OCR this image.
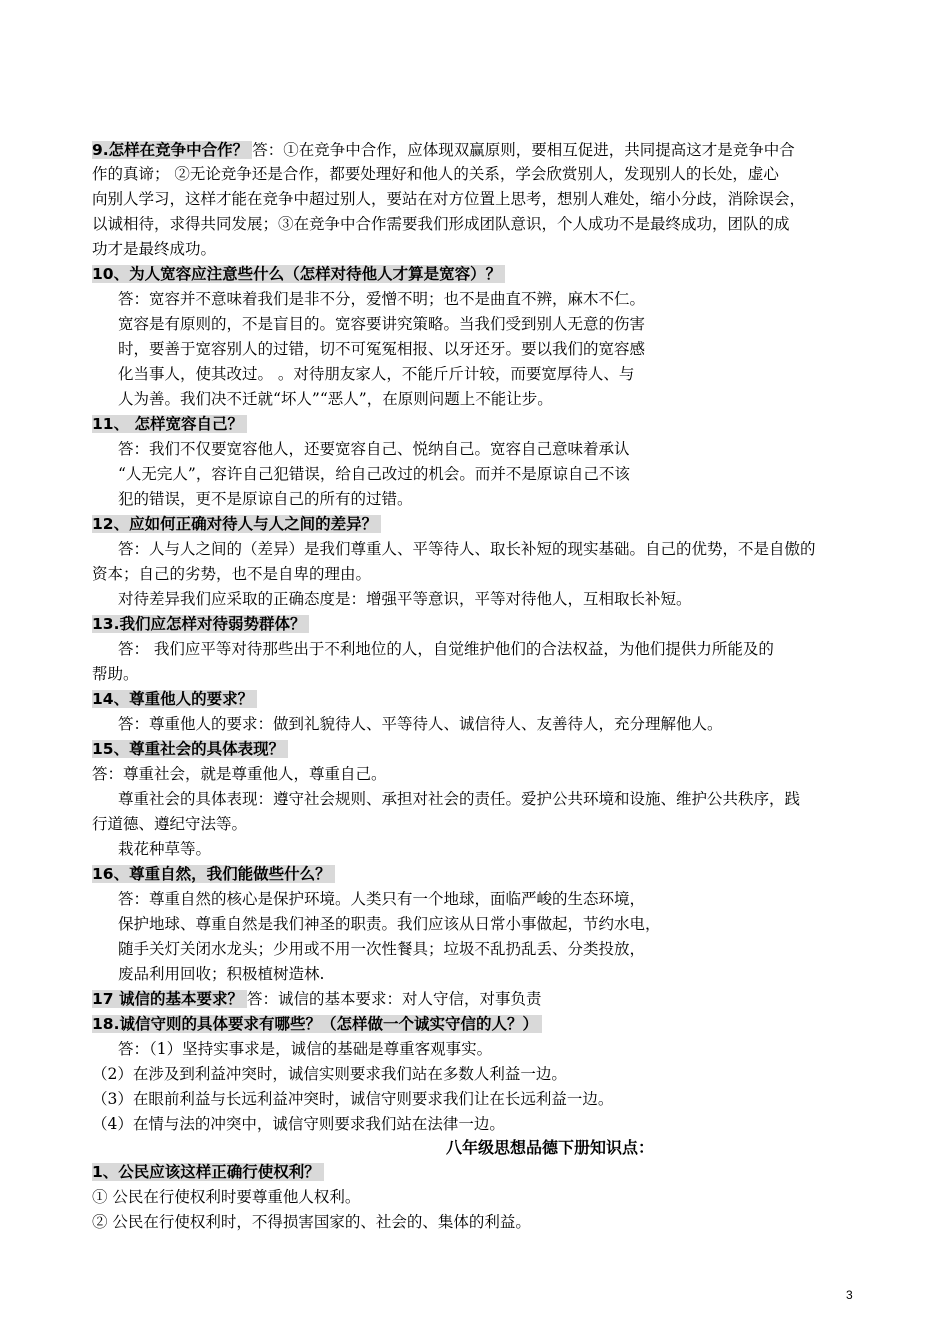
9.怎样在竞争中合作？ 答：①在竞争中合作，应体现双赢原则，要相互促进，共同提高这才是竞争中合
作的真谛； ②无论竞争还是合作，都要处理好和他人的关系，学会欣赏别人，发现别人的长处，虚心
向别人学习，这样才能在竞争中超过别人，要站在对方位置上思考，想别人难处，缩小分歧，消除误会，
以诚相待，求得共同发展；③在竞争中合作需要我们形成团队意识，个人成功不是最终成功，团队的成
功才是最终成功。
10、为人宽容应注意些什么（怎样对待他人才算是宽容）？
答：宽容并不意味着我们是非不分，爱憎不明；也不是曲直不辨，麻木不仁。
宽容是有原则的，不是盲目的。宽容要讲究策略。当我们受到别人无意的伤害
时，要善于宽容别人的过错，切不可冤冤相报、以牙还牙。要以我们的宽容感
化当事人，使其改过。 。对待朋友家人，不能斤斤计较，而要宽厚待人、与
人为善。我们决不迁就“坏人”“恶人”，在原则问题上不能让步。
11、 怎样宽容自己？
答：我们不仅要宽容他人，还要宽容自己、悦纳自己。宽容自己意味着承认
“人无完人”，容许自己犯错误，给自己改过的机会。而并不是原谅自己不该
犯的错误，更不是原谅自己的所有的过错。
12、应如何正确对待人与人之间的差异？
答：人与人之间的（差异）是我们尊重人、平等待人、取长补短的现实基础。自己的优势，不是自傲的
资本；自己的劣势，也不是自卑的理由。
对待差异我们应采取的正确态度是：增强平等意识，平等对待他人，互相取长补短。
13.我们应怎样对待弱势群体？
答： 我们应平等对待那些出于不利地位的人，自觉维护他们的合法权益，为他们提供力所能及的
帮助。
14、尊重他人的要求？
答：尊重他人的要求：做到礼貌待人、平等待人、诚信待人、友善待人，充分理解他人。
15、尊重社会的具体表现？
答：尊重社会，就是尊重他人，尊重自己。
尊重社会的具体表现：遵守社会规则、承担对社会的责任。爱护公共环境和设施、维护公共秩序，践
行道德、遵纪守法等。
栽花种草等。
16、尊重自然，我们能做些什么？
答：尊重自然的核心是保护环境。人类只有一个地球，面临严峻的生态环境，
保护地球、尊重自然是我们神圣的职责。我们应该从日常小事做起，节约水电，
随手关灯关闭水龙头；少用或不用一次性餐具；垃圾不乱扔乱丢、分类投放，
废品利用回收；积极植树造林.
17 诚信的基本要求？ 答：诚信的基本要求：对人守信，对事负责
18.诚信守则的具体要求有哪些？（怎样做一个诚实守信的人？）
答：（1）坚持实事求是，诚信的基础是尊重客观事实。
（2）在涉及到利益冲突时，诚信实则要求我们站在多数人利益一边。
（3）在眼前利益与长远利益冲突时，诚信守则要求我们让在长远利益一边。
（4）在情与法的冲突中，诚信守则要求我们站在法律一边。
八年级思想品德下册知识点：
1、公民应该这样正确行使权利？
① 公民在行使权利时要尊重他人权利。
② 公民在行使权利时，不得损害国家的、社会的、集体的利益。
3
